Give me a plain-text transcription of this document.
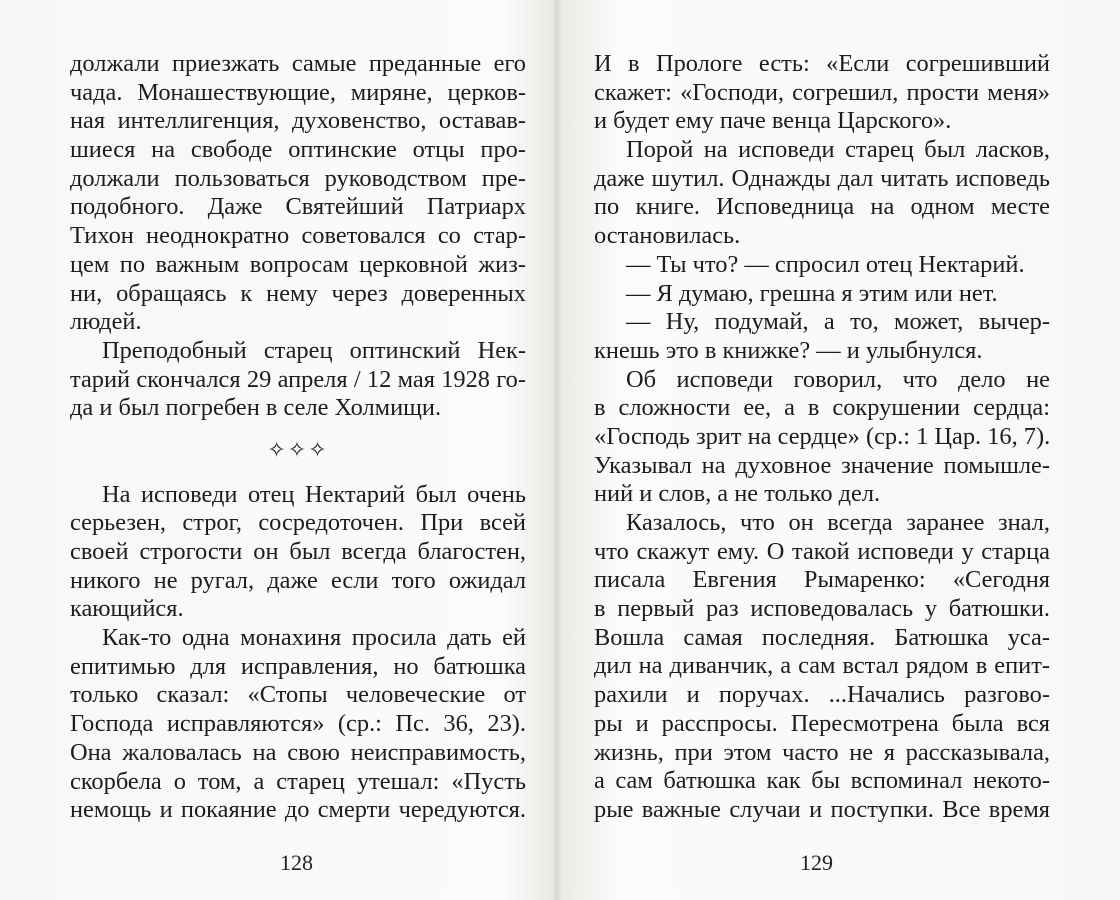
должали приезжать самые преданные его
чада. Монашествующие, миряне, церков-
ная интеллигенция, духовенство, оставав-
шиеся на свободе оптинские отцы про-
должали пользоваться руководством пре-
подобного. Даже Святейший Патриарх
Тихон неоднократно советовался со стар-
цем по важным вопросам церковной жиз-
ни, обращаясь к нему через доверенных
людей.
Преподобный старец оптинский Нек-
тарий скончался 29 апреля / 12 мая 1928 го-
да и был погребен в селе Холмищи.
✧✧✧
На исповеди отец Нектарий был очень
серьезен, строг, сосредоточен. При всей
своей строгости он был всегда благостен,
никого не ругал, даже если того ожидал
кающийся.
Как-то одна монахиня просила дать ей
епитимью для исправления, но батюшка
только сказал: «Стопы человеческие от
Господа исправляются» (ср.: Пс. 36, 23).
Она жаловалась на свою неисправимость,
скорбела о том, а старец утешал: «Пусть
немощь и покаяние до смерти чередуются.
128
И в Прологе есть: «Если согрешивший
скажет: «Господи, согрешил, прости меня»
и будет ему паче венца Царского».
Порой на исповеди старец был ласков,
даже шутил. Однажды дал читать исповедь
по книге. Исповедница на одном месте
остановилась.
— Ты что? — спросил отец Нектарий.
— Я думаю, грешна я этим или нет.
— Ну, подумай, а то, может, вычер-
кнешь это в книжке? — и улыбнулся.
Об исповеди говорил, что дело не
в сложности ее, а в сокрушении сердца:
«Господь зрит на сердце» (ср.: 1 Цар. 16, 7).
Указывал на духовное значение помышле-
ний и слов, а не только дел.
Казалось, что он всегда заранее знал,
что скажут ему. О такой исповеди у старца
писала Евгения Рымаренко: «Сегодня
в первый раз исповедовалась у батюшки.
Вошла самая последняя. Батюшка уса-
дил на диванчик, а сам встал рядом в епит-
рахили и поручах. ...Начались разгово-
ры и расспросы. Пересмотрена была вся
жизнь, при этом часто не я рассказывала,
а сам батюшка как бы вспоминал некото-
рые важные случаи и поступки. Все время
129
